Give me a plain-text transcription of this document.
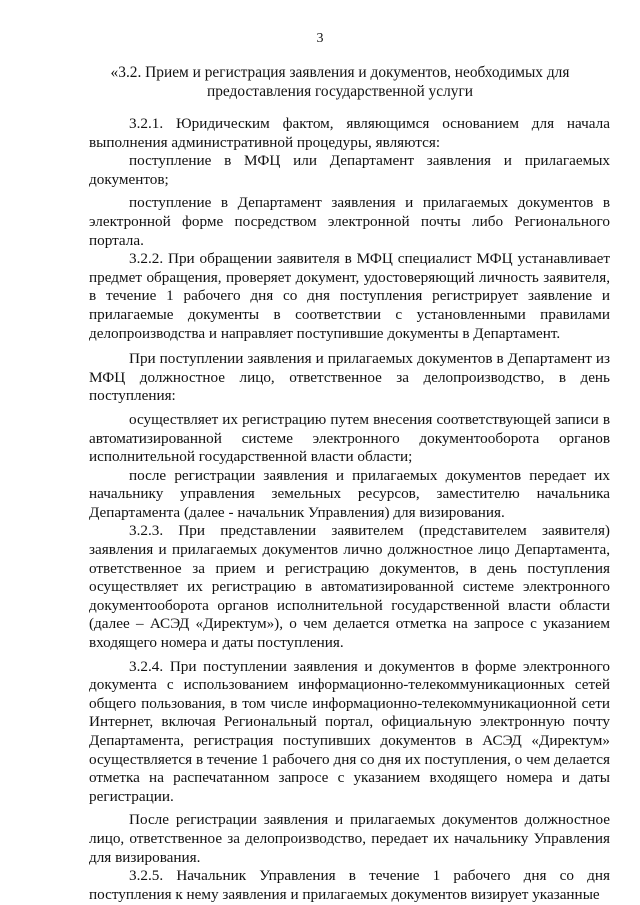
3
«3.2. Прием и регистрация заявления и документов, необходимых для предоставления государственной услуги

3.2.1. Юридическим фактом, являющимся основанием для начала выполнения административной процедуры, являются:

поступление в МФЦ или Департамент заявления и прилагаемых документов;

поступление в Департамент заявления и прилагаемых документов в электронной форме посредством электронной почты либо Регионального портала.

3.2.2. При обращении заявителя в МФЦ специалист МФЦ устанавливает предмет обращения, проверяет документ, удостоверяющий личность заявителя, в течение 1 рабочего дня со дня поступления регистрирует заявление и прилагаемые документы в соответствии с установленными правилами делопроизводства и направляет поступившие документы в Департамент.

При поступлении заявления и прилагаемых документов в Департамент из МФЦ должностное лицо, ответственное за делопроизводство, в день поступления:

осуществляет их регистрацию путем внесения соответствующей записи в автоматизированной системе электронного документооборота органов исполнительной государственной власти области;

после регистрации заявления и прилагаемых документов передает их начальнику управления земельных ресурсов, заместителю начальника Департамента (далее - начальник Управления) для визирования.

3.2.3. При представлении заявителем (представителем заявителя) заявления и прилагаемых документов лично должностное лицо Департамента, ответственное за прием и регистрацию документов, в день поступления осуществляет их регистрацию в автоматизированной системе электронного документооборота органов исполнительной государственной власти области (далее – АСЭД «Директум»), о чем делается отметка на запросе с указанием входящего номера и даты поступления.

3.2.4. При поступлении заявления и документов в форме электронного документа с использованием информационно-телекоммуникационных сетей общего пользования, в том числе информационно-телекоммуникационной сети Интернет, включая Региональный портал, официальную электронную почту Департамента, регистрация поступивших документов в АСЭД «Директум» осуществляется в течение 1 рабочего дня со дня их поступления, о чем делается отметка на распечатанном запросе с указанием входящего номера и даты регистрации.

После регистрации заявления и прилагаемых документов должностное лицо, ответственное за делопроизводство, передает их начальнику Управления для визирования.

3.2.5. Начальник Управления в течение 1 рабочего дня со дня поступления к нему заявления и прилагаемых документов визирует указанные
